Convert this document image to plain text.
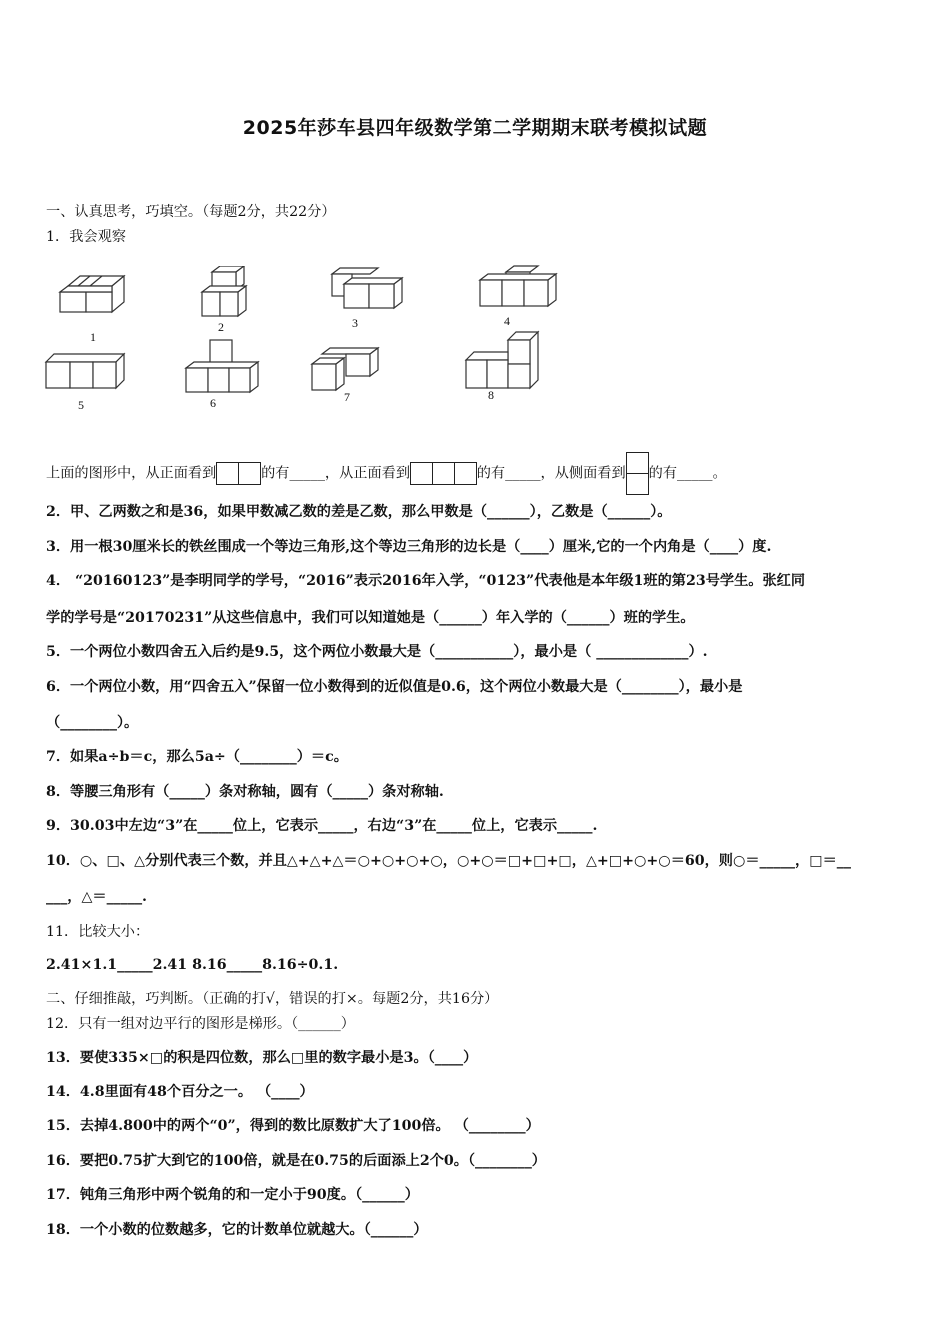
2025年莎车县四年级数学第二学期期末联考模拟试题
一、认真思考，巧填空。（每题2分，共22分）
1．我会观察
1
2	3	4
5	6	7	8
上面的图形中，从正面看到	的有_____，从正面看到	的有_____，从侧面看到 的有_____。
2．甲、乙两数之和是36，如果甲数减乙数的差是乙数，那么甲数是（______），乙数是（______）。
3．用一根30厘米长的铁丝围成一个等边三角形,这个等边三角形的边长是（____）厘米,它的一个内角是（____）度.
4． “20160123”是李明同学的学号，“2016”表示2016年入学，“0123”代表他是本年级1班的第23号学生。张红同
学的学号是“20170231”从这些信息中，我们可以知道她是（______）年入学的（______）班的学生。
5．一个两位小数四舍五入后约是9.5，这个两位小数最大是（___________），最小是（ _____________）.
6．一个两位小数，用“四舍五入”保留一位小数得到的近似值是0.6，这个两位小数最大是（________），最小是
（________）。
7．如果a÷b＝c，那么5a÷（________）＝c。
8．等腰三角形有（_____）条对称轴，圆有（_____）条对称轴.
9．30.03中左边“3”在_____位上，它表示_____，右边“3”在_____位上，它表示_____.
10．○、□、△分别代表三个数，并且△+△+△＝○+○+○+○，○+○＝□+□+□，△+□+○+○＝60，则○＝_____，□＝__
___，△＝_____.
11．比较大小：
2.41×1.1_____2.41 8.16_____8.16÷0.1.
二、仔细推敲，巧判断。（正确的打√，错误的打×。每题2分，共16分）
12．只有一组对边平行的图形是梯形。（______）
13．要使335×□的积是四位数，那么□里的数字最小是3。（____）
14．4.8里面有48个百分之一。 （____）
15．去掉4.800中的两个“0”，得到的数比原数扩大了100倍。 （________）
16．要把0.75扩大到它的100倍，就是在0.75的后面添上2个0。（________）
17．钝角三角形中两个锐角的和一定小于90度。（______）
18．一个小数的位数越多，它的计数单位就越大。（______）
